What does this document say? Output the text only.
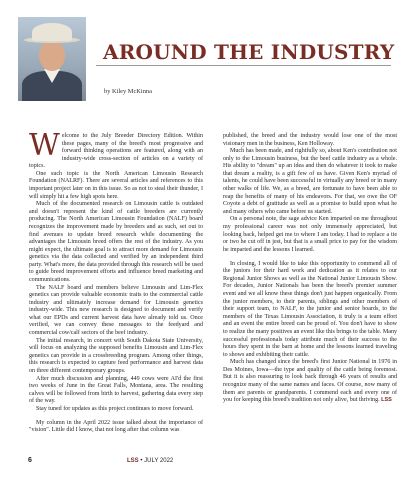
AROUND THE INDUSTRY
by Kiley McKinna

Welcome to the July Breeder Directory Edition. Within these pages, many of the breed's most progressive and forward thinking operations are featured, along with an industry-wide cross-section of articles on a variety of topics.

One such topic is the North American Limousin Research Foundation (NALRF). There are several articles and references to this important project later on in this issue. So as not to steal their thunder, I will simply hit a few high spots here.

Much of the documented research on Limousin cattle is outdated and doesn't represent the kind of cattle breeders are currently producing. The North American Limousin Foundation (NALF) board recognizes the improvement made by breeders and as such, set out to find avenues to update breed research while documenting the advantages the Limousin breed offers the rest of the industry. As you might expect, the ultimate goal is to attract more demand for Limousin genetics via the data collected and verified by an independent third party. What's more, the data provided through this research will be used to guide breed improvement efforts and influence breed marketing and communications.

The NALF board and members believe Limousin and Lim-Flex genetics can provide valuable economic traits to the commercial cattle industry and ultimately increase demand for Limousin genetics industry-wide. This new research is designed to document and verify what our EPDs and current harvest data have already told us. Once verified, we can convey these messages to the feedyard and commercial cow/calf sectors of the beef industry.

The initial research, in concert with South Dakota State University, will focus on analyzing the supposed benefits Limousin and Lim-Flex genetics can provide in a crossbreeding program. Among other things, this research is expected to capture feed performance and harvest data on three different contemporary groups.

After much discussion and planning, 449 cows were AI'd the first two weeks of June in the Great Falls, Montana, area. The resulting calves will be followed from birth to harvest, gathering data every step of the way.

Stay tuned for updates as this project continues to move forward.

My column in the April 2022 issue talked about the importance of "vision". Little did I know, that not long after that column was

published, the breed and the industry would lose one of the most visionary men in the business, Ken Holloway.

Much has been made, and rightfully so, about Ken's contribution not only to the Limousin business, but the beef cattle industry as a whole. His ability to "dream" up an idea and then do whatever it took to make that dream a reality, is a gift few of us have. Given Ken's myriad of talents, he could have been successful in virtually any breed or in many other walks of life. We, as a breed, are fortunate to have been able to reap the benefits of many of his endeavors. For that, we owe the OF Coyote a debt of gratitude as well as a promise to build upon what he and many others who came before us started.

On a personal note, the sage advice Ken imparted on me throughout my professional career was not only immensely appreciated, but looking back, helped get me to where I am today. I had to replace a tie or two he cut off in jest, but that is a small price to pay for the wisdom he imparted and the lessons I learned.

In closing, I would like to take this opportunity to commend all of the juniors for their hard work and dedication as it relates to our Regional Junior Shows as well as the National Junior Limousin Show. For decades, Junior Nationals has been the breed's premier summer event and we all know these things don't just happen organically. From the junior members, to their parents, siblings and other members of their support team, to NALF, to the junior and senior boards, to the members of the Texas Limousin Association, it truly is a team effort and an event the entire breed can be proud of. You don't have to show to realize the many positives an event like this brings to the table. Many successful professionals today attribute much of their success to the hours they spent in the barn at home and the lessons learned traveling to shows and exhibiting their cattle.

Much has changed since the breed's first Junior National in 1976 in Des Moines, Iowa—the type and quality of the cattle being foremost. But it is also reassuring to look back through 46 years of results and recognize many of the same names and faces. Of course, now many of them are parents or grandparents. I commend each and every one of you for keeping this breed's tradition not only alive, but thriving. LSS

6	LSS • JULY 2022
